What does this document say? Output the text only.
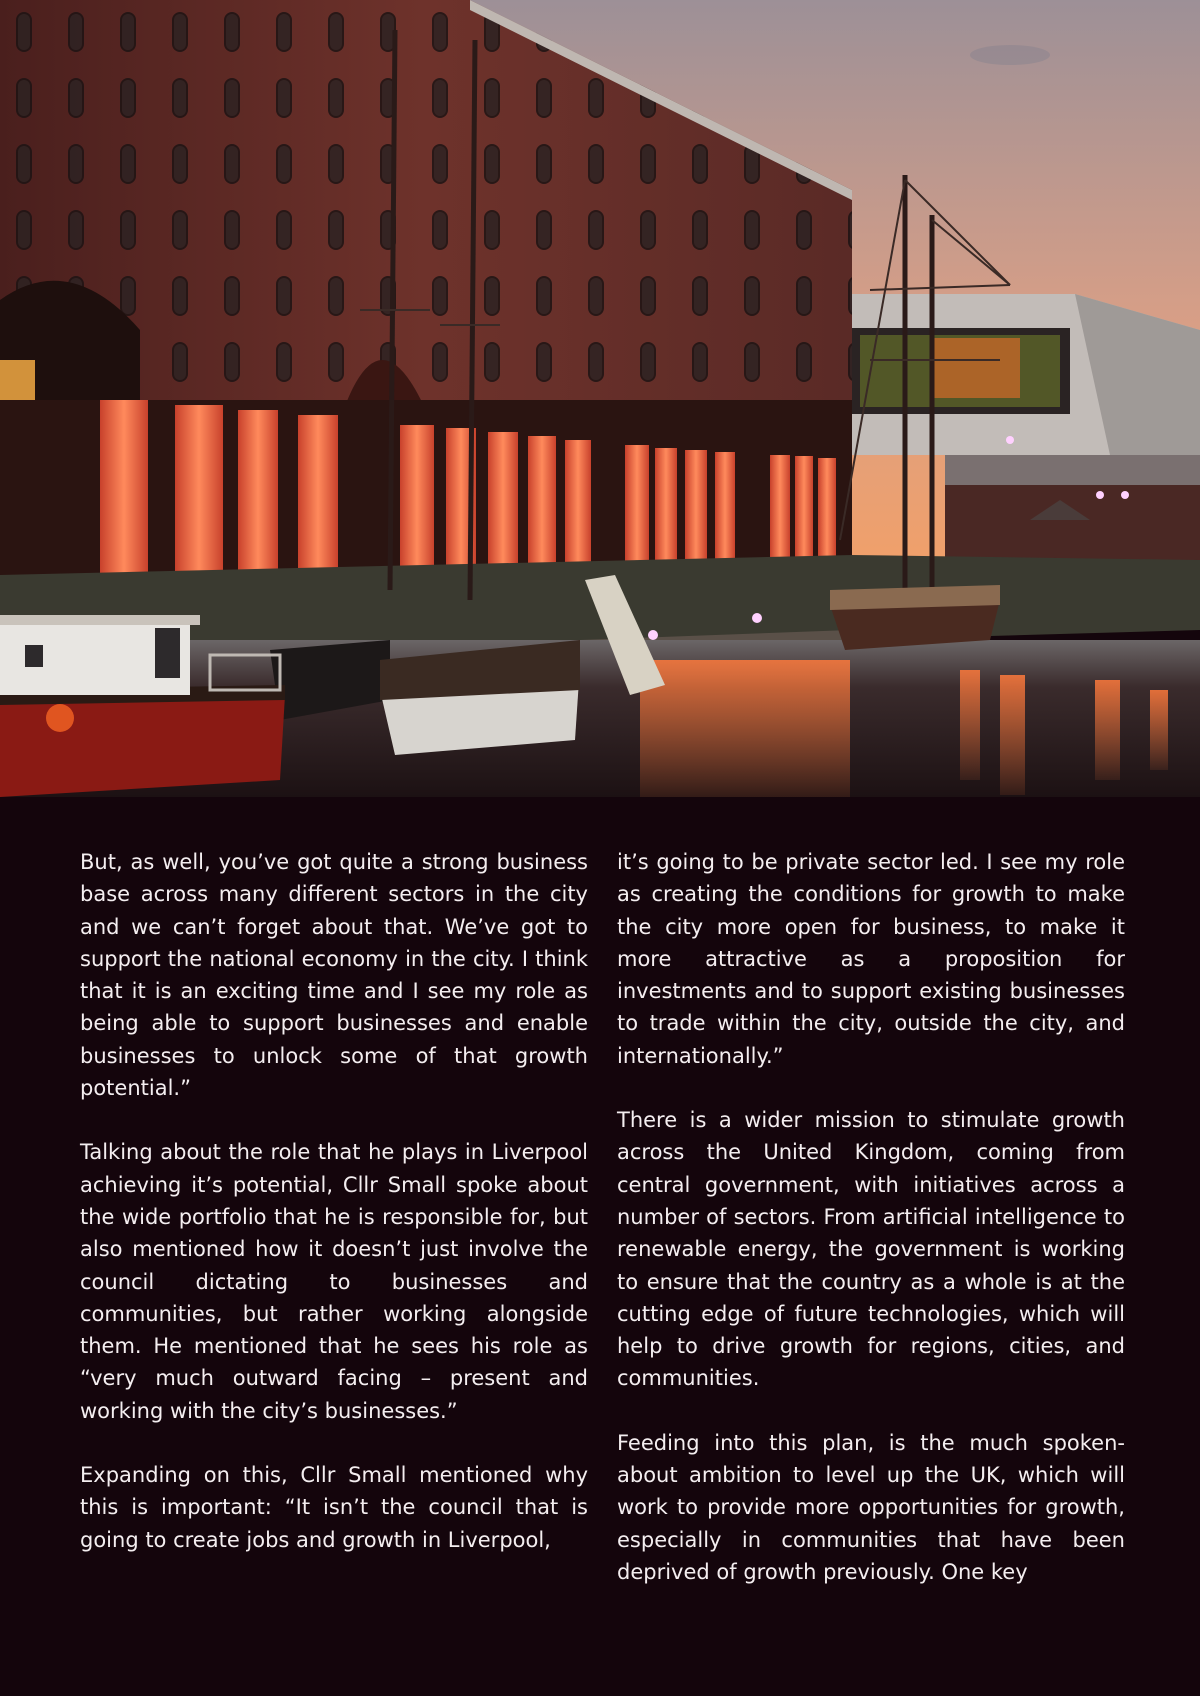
But, as well, you’ve got quite a strong business base across many different sectors in the city and we can’t forget about that. We’ve got to support the national economy in the city. I think that it is an exciting time and I see my role as being able to support businesses and enable businesses to unlock some of that growth potential.”

Talking about the role that he plays in Liverpool achieving it’s potential, Cllr Small spoke about the wide portfolio that he is responsible for, but also mentioned how it doesn’t just involve the council dictating to businesses and communities, but rather working alongside them. He mentioned that he sees his role as “very much outward facing – present and working with the city’s businesses.”

Expanding on this, Cllr Small mentioned why this is important: “It isn’t the council that is going to create jobs and growth in Liverpool,

it’s going to be private sector led. I see my role as creating the conditions for growth to make the city more open for business, to make it more attractive as a proposition for investments and to support existing businesses to trade within the city, outside the city, and internationally.”

There is a wider mission to stimulate growth across the United Kingdom, coming from central government, with initiatives across a number of sectors. From artificial intelligence to renewable energy, the government is working to ensure that the country as a whole is at the cutting edge of future technologies, which will help to drive growth for regions, cities, and communities.

Feeding into this plan, is the much spoken-about ambition to level up the UK, which will work to provide more opportunities for growth, especially in communities that have been deprived of growth previously. One key
